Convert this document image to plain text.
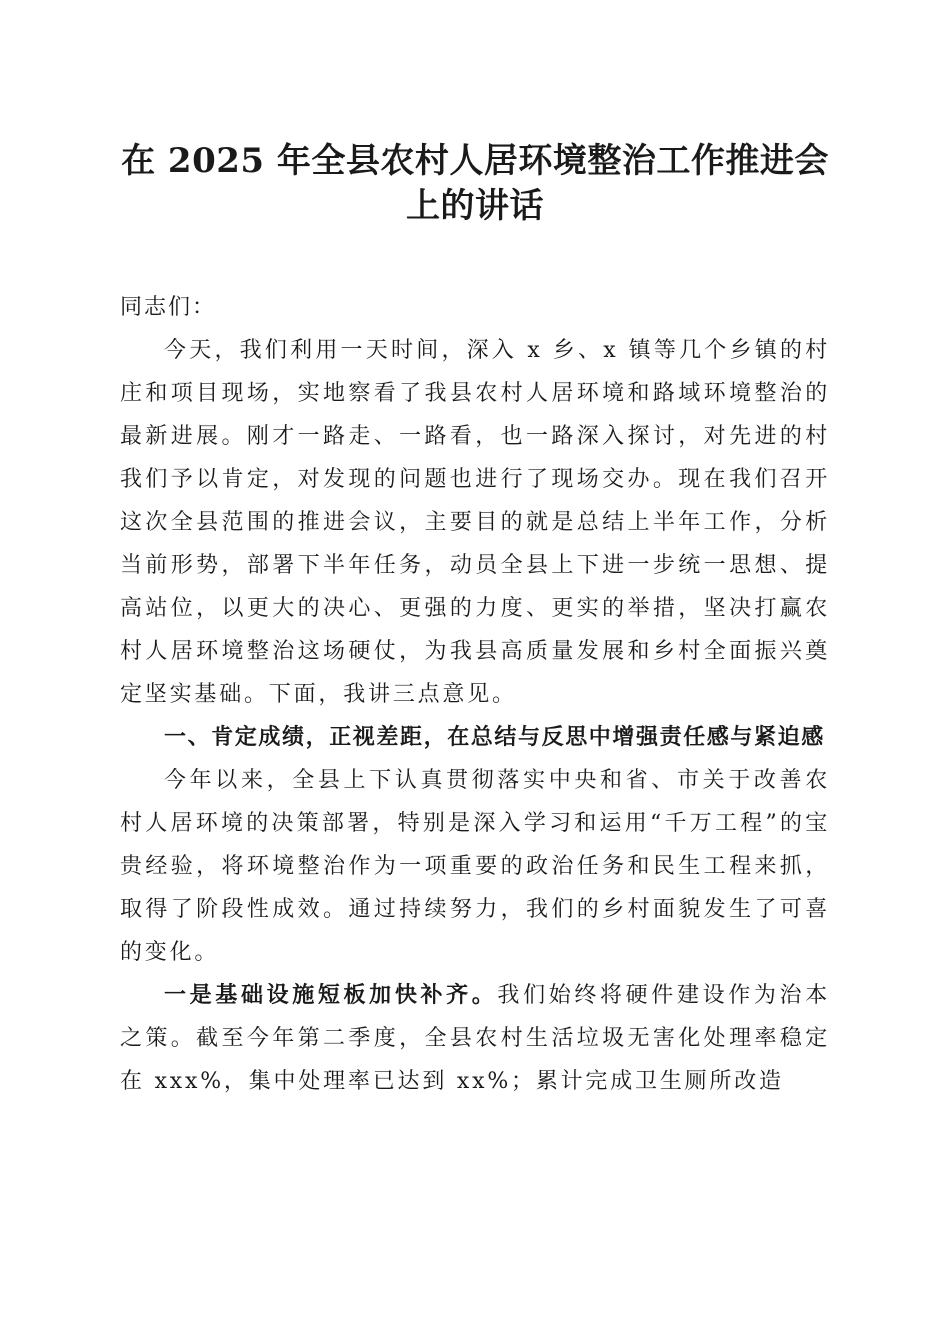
在 2025 年全县农村人居环境整治工作推进会
上的讲话

同志们：

今天，我们利用一天时间，深入 x 乡、x 镇等几个乡镇的村庄和项目现场，实地察看了我县农村人居环境和路域环境整治的最新进展。刚才一路走、一路看，也一路深入探讨，对先进的村我们予以肯定，对发现的问题也进行了现场交办。现在我们召开这次全县范围的推进会议，主要目的就是总结上半年工作，分析当前形势，部署下半年任务，动员全县上下进一步统一思想、提高站位，以更大的决心、更强的力度、更实的举措，坚决打赢农村人居环境整治这场硬仗，为我县高质量发展和乡村全面振兴奠定坚实基础。下面，我讲三点意见。

一、肯定成绩，正视差距，在总结与反思中增强责任感与紧迫感

今年以来，全县上下认真贯彻落实中央和省、市关于改善农村人居环境的决策部署，特别是深入学习和运用“千万工程”的宝贵经验，将环境整治作为一项重要的政治任务和民生工程来抓，取得了阶段性成效。通过持续努力，我们的乡村面貌发生了可喜的变化。

一是基础设施短板加快补齐。我们始终将硬件建设作为治本之策。截至今年第二季度，全县农村生活垃圾无害化处理率稳定在 xxx%，集中处理率已达到 xx%；累计完成卫生厕所改造
